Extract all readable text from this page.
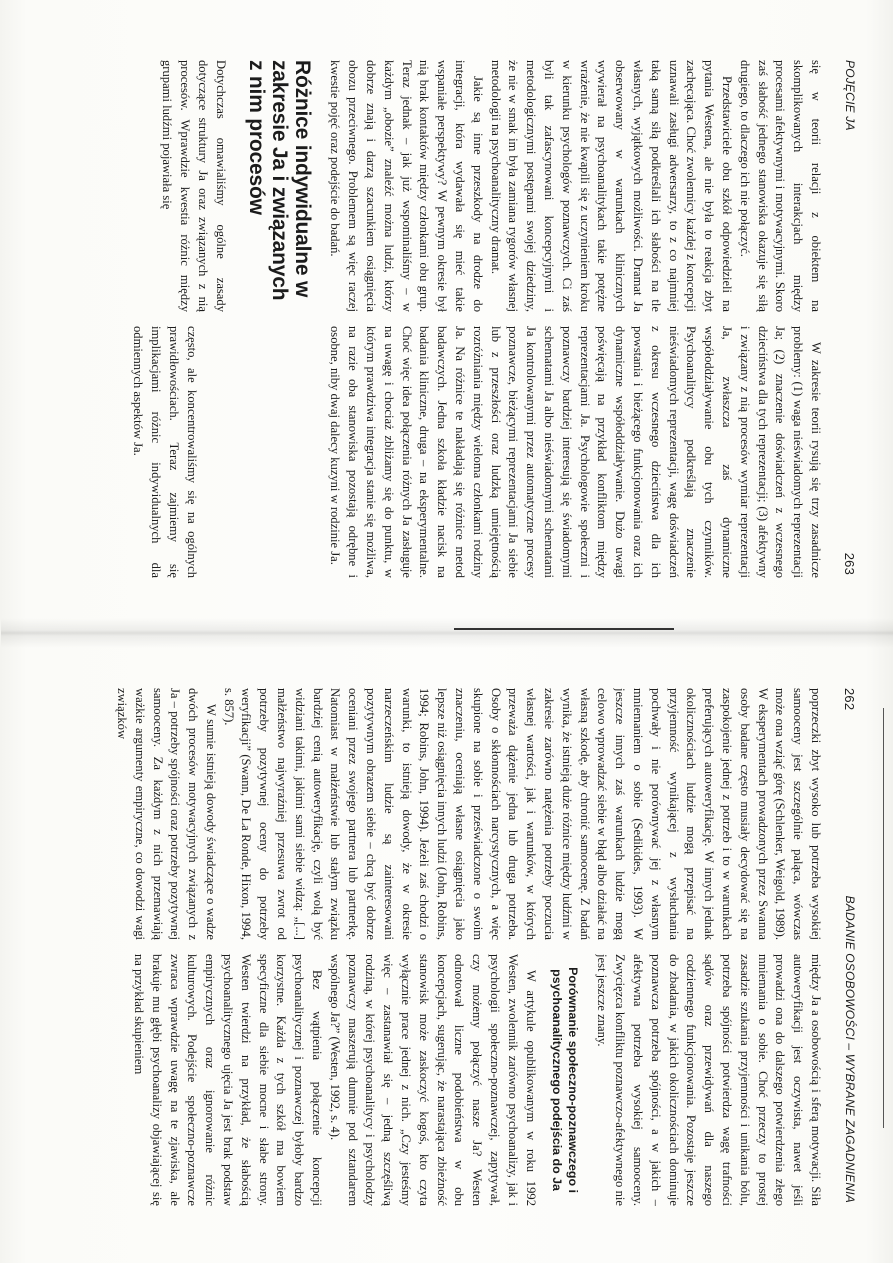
POJĘCIE JA
263

się w teorii relacji z obiektem na skomplikowanych interakcjach między procesami afektywnymi i motywacyjnymi. Skoro zaś słabość jednego stanowiska okazuje się siłą drugiego, to dlaczego ich nie połączyć.

Przedstawiciele obu szkół odpowiedzieli na pytania Westena, ale nie była to reakcja zbyt zachęcająca. Choć zwolennicy każdej z koncepcji uznawali zasługi adwersarzy, to z co najmniej taką samą siłą podkreślali ich słabości na tle własnych, wyjątkowych możliwości. Dramat Ja obserwowany w warunkach klinicznych wywierał na psychoanalitykach takie potężne wrażenie, że nie kwapili się z uczynieniem kroku w kierunku psychologów poznawczych. Ci zaś byli tak zafascynowani koncepcyjnymi i metodologicznymi postępami swojej dziedziny, że nie w smak im była zamiana rygorów własnej metodologii na psychoanalityczny dramat.

Jakie są inne przeszkody na drodze do integracji, która wydawała się mieć takie wspaniałe perspektywy? W pewnym okresie był nią brak kontaktów między członkami obu grup. Teraz jednak – jak już wspominaliśmy – w każdym „obozie” znaleźć można ludzi, którzy dobrze znają i darzą szacunkiem osiągnięcia obozu przeciwnego. Problemem są więc raczej kwestie pojęć oraz podejście do badań.

Różnice indywidualne w zakresie Ja i związanych z nim procesów

Dotychczas omawialiśmy ogólne zasady dotyczące struktury Ja oraz związanych z nią procesów. Wprawdzie kwestia różnic między grupami ludźmi pojawiała się

W zakresie teorii rysują się trzy zasadnicze problemy: (1) waga nieświadomych reprezentacji Ja; (2) znaczenie doświadczeń z wczesnego dzieciństwa dla tych reprezentacji; (3) afektywny i związany z nią procesów wymiar reprezentacji Ja, zwłaszcza zaś dynamiczne współoddziaływanie obu tych czynników. Psychoanalitycy podkreślają znaczenie nieświadomych reprezentacji, wagę doświadczeń z okresu wczesnego dzieciństwa dla ich powstania i bieżącego funkcjonowania oraz ich dynamiczne współoddziaływanie. Dużo uwagi poświęcają na przykład konfliktom między reprezentacjami Ja. Psychologowie społeczni i poznawczy bardziej interesują się świadomymi schematami Ja albo nieświadomymi schematami Ja kontrolowanymi przez automatyczne procesy poznawcze, bieżącymi reprezentacjami Ja siebie lub z przeszłości oraz ludzką umiejętnością rozróżniania między wieloma członkami rodziny Ja. Na różnice te nakładają się różnice metod badawczych. Jedna szkoła kładzie nacisk na badania kliniczne, druga – na eksperymentalne. Choć więc idea połączenia różnych Ja zasługuje na uwagę i chociaż zbliżamy się do punktu, w którym prawdziwa integracja stanie się możliwa, na razie oba stanowiska pozostają odrębne i osobne, niby dwaj dalecy kuzyni w rodzinie Ja.

często, ale koncentrowaliśmy się na ogólnych prawidłowościach. Teraz zajmiemy się implikacjami różnic indywidualnych dla odmiennych aspektów Ja.

262
BADANIE OSOBOWOŚCI – WYBRANE ZAGADNIENIA

poprzeczki zbyt wysoko lub potrzeba wysokiej samooceny jest szczególnie paląca, wówczas może ona wziąć górę (Schlenker, Weigold, 1989). W eksperymentach prowadzonych przez Swanna osoby badane często musiały decydować się na zaspokojenie jednej z potrzeb i to w warunkach preferujących autoweryfikację. W innych jednak okolicznościach ludzie mogą przepisać na przyjemność wynikającej z wysłuchania pochwały i nie porównywać jej z własnym mniemaniem o sobie (Sedikides, 1993). W jeszcze innych zaś warunkach ludzie mogą celowo wprowadzać siebie w błąd albo działać na własną szkodę, aby chronić samoocenę. Z badań wynika, że istnieją duże różnice między ludźmi w zakresie zarówno natężenia potrzeby poczucia własnej wartości, jak i warunków, w których przeważa dążenie jedna lub druga potrzeba. Osoby o skłonnościach narcystycznych, a więc skupione na sobie i przeświadczone o swoim znaczeniu, oceniają własne osiągnięcia jako lepsze niż osiągnięcia innych ludzi (John, Robins, 1994; Robins, John, 1994). Jeżeli zaś chodzi o warunki, to istnieją dowody, że w okresie narzeczeńskim ludzie są zainteresowani pozytywnym obrazem siebie – chcą być dobrze oceniani przez swojego partnera lub partnerkę. Natomiast w małżeństwie lub stałym związku bardziej cenią autoweryfikację, czyli wolą być widziani takimi, jakimi sami siebie widzą: „[...] małżeństwo najwyraźniej przesuwa zwrot od potrzeby pozytywnej oceny do potrzeby weryfikacji” (Swann, De La Ronde, Hixon, 1994, s. 857).

W sumie istnieją dowody świadczące o wadze dwóch procesów motywacyjnych związanych z Ja – potrzeby spójności oraz potrzeby pozytywnej samooceny. Za każdym z nich przemawiają ważkie argumenty empiryczne, co dowodzi wagi związków

między Ja a osobowością i sferą motywacji. Siła autoweryfikacji jest oczywista, nawet jeśli prowadzi ona do dalszego potwierdzenia złego mniemania o sobie. Choć przeczy to prostej zasadzie szukania przyjemności i unikania bólu, potrzeba spójności potwierdza wagę trafności sądów oraz przewidywań dla naszego codziennego funkcjonowania. Pozostaje jeszcze do zbadania, w jakich okolicznościach dominuje poznawcza potrzeba spójności, a w jakich – afektywna potrzeba wysokiej samooceny. Zwycięzca konfliktu poznawczo-afektywnego nie jest jeszcze znany.

Porównanie społeczno-poznawczego i psychoanalitycznego podejścia do Ja

W artykule opublikowanym w roku 1992 Westen, zwolennik zarówno psychoanalizy, jak i psychologii społeczno-poznawczej, zapytywał, czy możemy połączyć nasze Ja? Westen odnotował liczne podobieństwa w obu koncepcjach, sugerując, że narastająca zbieżność stanowisk może zaskoczyć kogoś, kto czyta wyłącznie prace jednej z nich. „Czy jesteśmy więc – zastanawiał się – jedną szczęśliwą rodziną, w której psychoanalitycy i psycholodzy poznawczy maszerują dumnie pod sztandarem wspólnego Ja?” (Westen, 1992, s. 4).

Bez wątpienia połączenie koncepcji psychoanalitycznej i poznawczej byłoby bardzo korzystne. Każda z tych szkół ma bowiem specyficzne dla siebie mocne i słabe strony. Westen twierdzi na przykład, że słabością psychoanalitycznego ujęcia Ja jest brak podstaw empirycznych oraz ignorowanie różnic kulturowych. Podejście społeczno-poznawcze zwraca wprawdzie uwagę na te zjawiska, ale brakuje mu głębi psychoanalizy objawiającej się na przykład skupieniem
